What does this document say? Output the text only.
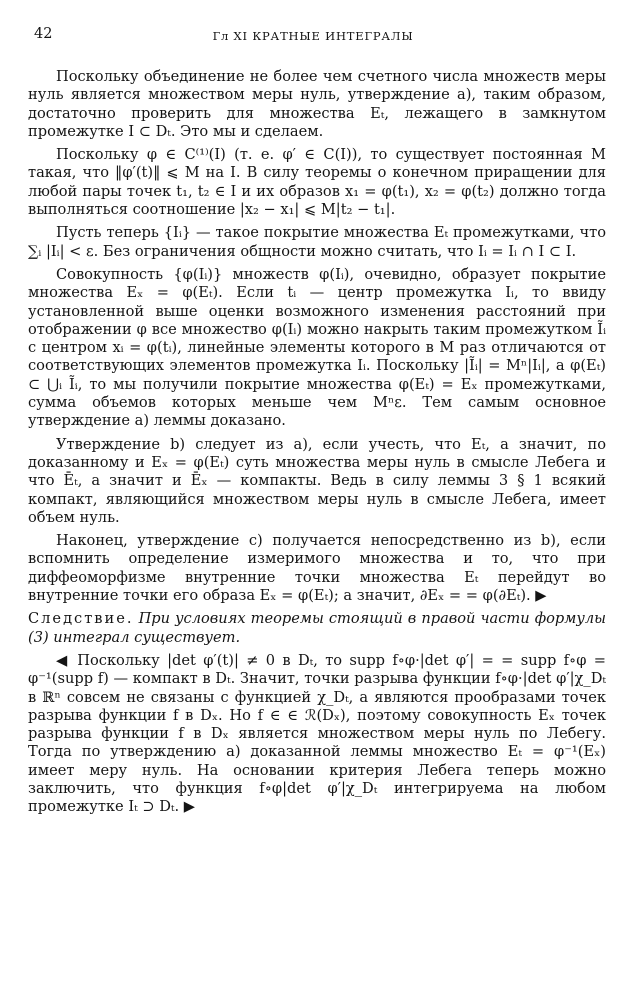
42	Гл XI КРАТНЫЕ ИНТЕГРАЛЫ

Поскольку объединение не более чем счетного числа множеств меры нуль является множеством меры нуль, утверждение а), таким образом, достаточно проверить для множества Eₜ, лежащего в замкнутом промежутке I ⊂ Dₜ. Это мы и сделаем.

Поскольку φ ∈ C⁽¹⁾(I) (т. е. φ′ ∈ C(I)), то существует постоянная M такая, что ‖φ′(t)‖ ⩽ M на I. В силу теоремы о конечном приращении для любой пары точек t₁, t₂ ∈ I и их образов x₁ = φ(t₁), x₂ = φ(t₂) должно тогда выполняться соотношение |x₂ − x₁| ⩽ M|t₂ − t₁|.

Пусть теперь {Iᵢ} — такое покрытие множества Eₜ промежутками, что ∑ᵢ |Iᵢ| < ε. Без ограничения общности можно считать, что Iᵢ = Iᵢ ∩ I ⊂ I.

Совокупность {φ(Iᵢ)} множеств φ(Iᵢ), очевидно, образует покрытие множества Eₓ = φ(Eₜ). Если tᵢ — центр промежутка Iᵢ, то ввиду установленной выше оценки возможного изменения расстояний при отображении φ все множество φ(Iᵢ) можно накрыть таким промежутком Ĩᵢ с центром xᵢ = φ(tᵢ), линейные элементы которого в M раз отличаются от соответствующих элементов промежутка Iᵢ. Поскольку |Ĩᵢ| = Mⁿ|Iᵢ|, а φ(Eₜ) ⊂ ⋃ᵢ Ĩᵢ, то мы получили покрытие множества φ(Eₜ) = Eₓ промежутками, сумма объемов которых меньше чем Mⁿε. Тем самым основное утверждение а) леммы доказано.

Утверждение b) следует из а), если учесть, что Eₜ, а значит, по доказанному и Eₓ = φ(Eₜ) суть множества меры нуль в смысле Лебега и что Ēₜ, а значит и Ēₓ — компакты. Ведь в силу леммы 3 § 1 всякий компакт, являющийся множеством меры нуль в смысле Лебега, имеет объем нуль.

Наконец, утверждение с) получается непосредственно из b), если вспомнить определение измеримого множества и то, что при диффеоморфизме внутренние точки множества Eₜ перейдут во внутренние точки его образа Eₓ = φ(Eₜ); а значит, ∂Eₓ = = φ(∂Eₜ). ▶

Следствие. При условиях теоремы стоящий в правой части формулы (3) интеграл существует.

◀ Поскольку |det φ′(t)| ≠ 0 в Dₜ, то supp f∘φ·|det φ′| = = supp f∘φ = φ⁻¹(supp f) — компакт в Dₜ. Значит, точки разрыва функции f∘φ·|det φ′|χ_Dₜ в ℝⁿ совсем не связаны с функцией χ_Dₜ, а являются прообразами точек разрыва функции f в Dₓ. Но f ∈ ∈ ℛ(Dₓ), поэтому совокупность Eₓ точек разрыва функции f в Dₓ является множеством меры нуль по Лебегу. Тогда по утверждению а) доказанной леммы множество Eₜ = φ⁻¹(Eₓ) имеет меру нуль. На основании критерия Лебега теперь можно заключить, что функция f∘φ|det φ′|χ_Dₜ интегрируема на любом промежутке Iₜ ⊃ Dₜ. ▶
